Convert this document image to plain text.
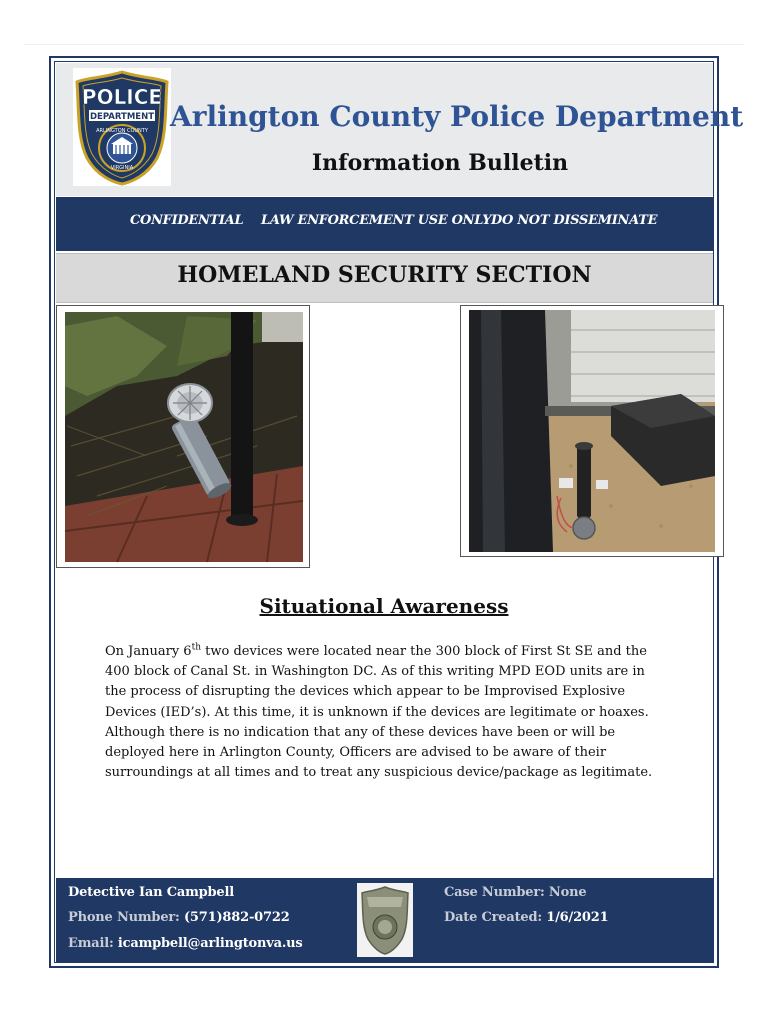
POLICE
DEPARTMENT
ARLINGTON COUNTY
VIRGINIA
Arlington County Police Department
Information Bulletin
CONFIDENTIAL LAW ENFORCEMENT USE ONLY DO NOT DISSEMINATE
HOMELAND SECURITY SECTION
Situational Awareness
On January 6th two devices were located near the 300 block of First St SE and the 400 block of Canal St. in Washington DC. As of this writing MPD EOD units are in the process of disrupting the devices which appear to be Improvised Explosive Devices (IED’s). At this time, it is unknown if the devices are legitimate or hoaxes. Although there is no indication that any of these devices have been or will be deployed here in Arlington County, Officers are advised to be aware of their surroundings at all times and to treat any suspicious device/package as legitimate.
Detective Ian Campbell
Phone Number: (571)882-0722
Email: icampbell@arlingtonva.us
Case Number: None
Date Created: 1/6/2021
